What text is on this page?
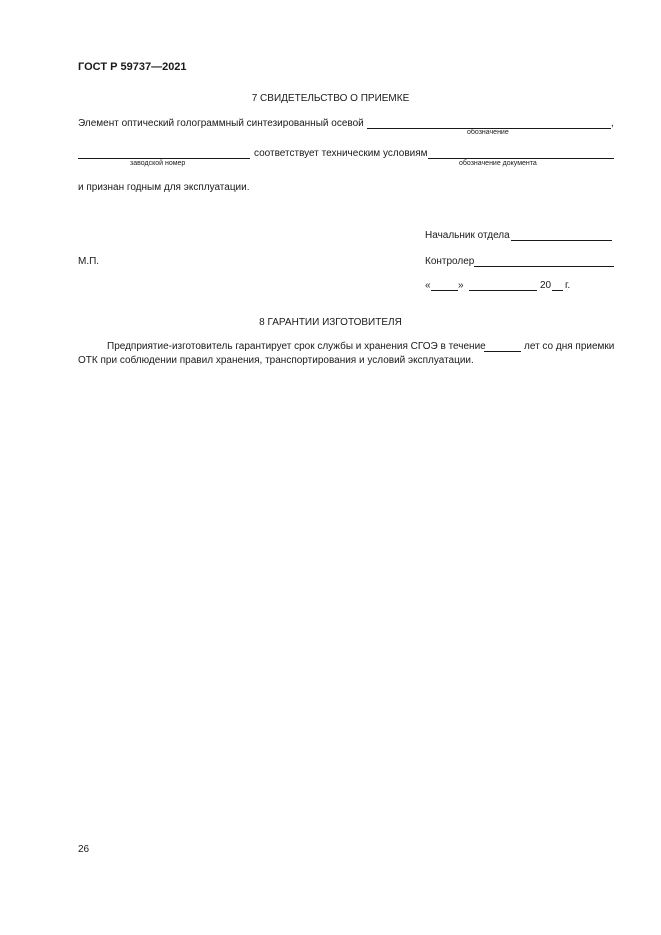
ГОСТ Р 59737—2021
7 СВИДЕТЕЛЬСТВО О ПРИЕМКЕ
Элемент оптический голограммный синтезированный осевой	,
обозначение
соответствует техническим условиям
заводской номер	обозначение документа
и признан годным для эксплуатации.
Начальник отдела
М.П.	Контролер
«	»	20 г.
8 ГАРАНТИИ ИЗГОТОВИТЕЛЯ
Предприятие-изготовитель гарантирует срок службы и хранения СГОЭ в течение	лет со дня приемки
ОТК при соблюдении правил хранения, транспортирования и условий эксплуатации.
26
